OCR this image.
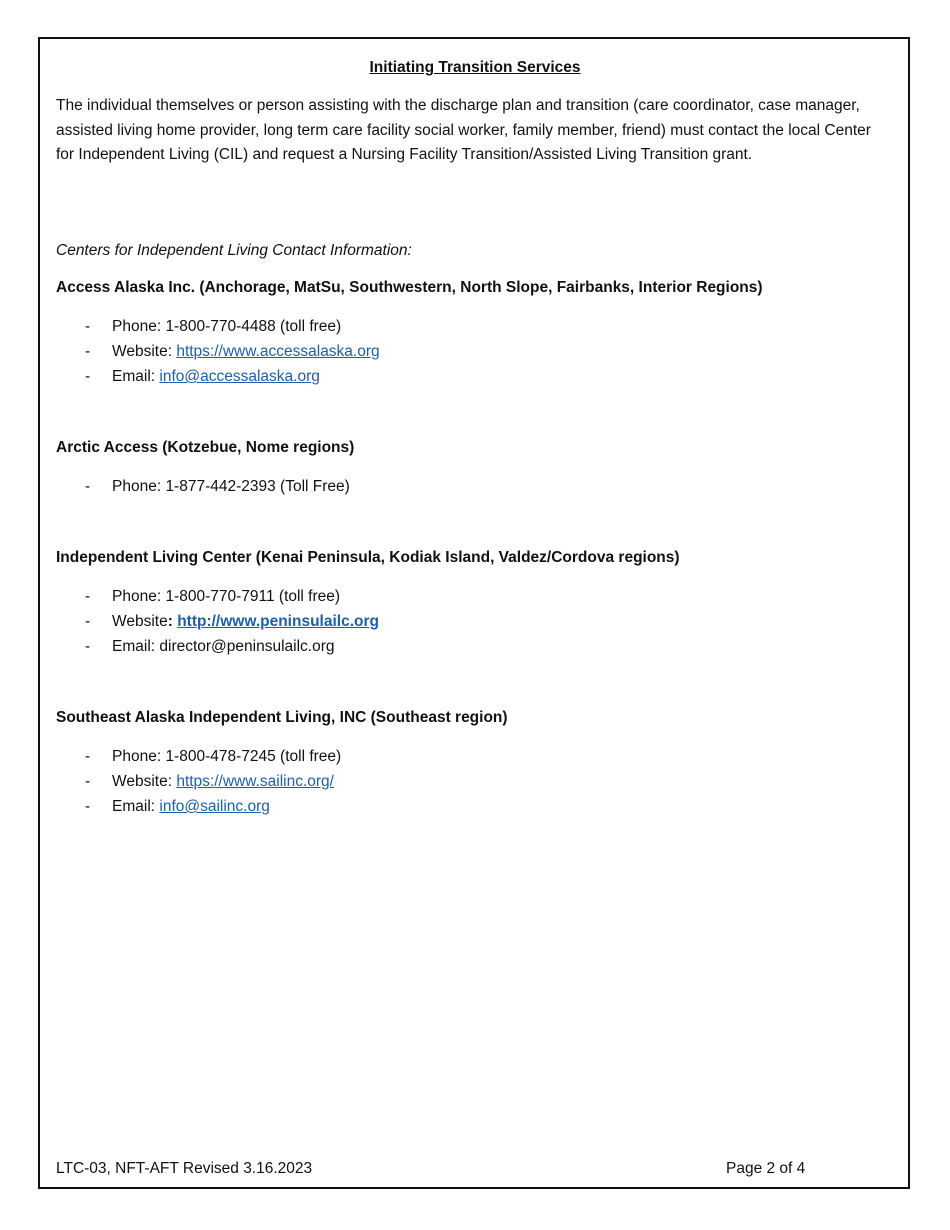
Initiating Transition Services

The individual themselves or person assisting with the discharge plan and transition (care coordinator, case manager, assisted living home provider, long term care facility social worker, family member, friend) must contact the local Center for Independent Living (CIL) and request a Nursing Facility Transition/Assisted Living Transition grant.

Centers for Independent Living Contact Information:
Access Alaska Inc. (Anchorage, MatSu, Southwestern, North Slope, Fairbanks, Interior Regions)
- Phone: 1-800-770-4488 (toll free)
- Website: https://www.accessalaska.org
- Email: info@accessalaska.org
Arctic Access (Kotzebue, Nome regions)
- Phone: 1-877-442-2393 (Toll Free)
Independent Living Center (Kenai Peninsula, Kodiak Island, Valdez/Cordova regions)
- Phone: 1-800-770-7911 (toll free)
- Website: http://www.peninsulailc.org
- Email: director@peninsulailc.org
Southeast Alaska Independent Living, INC (Southeast region)
- Phone: 1-800-478-7245 (toll free)
- Website: https://www.sailinc.org/
- Email: info@sailinc.org
LTC-03, NFT-AFT Revised 3.16.2023	Page 2 of 4
